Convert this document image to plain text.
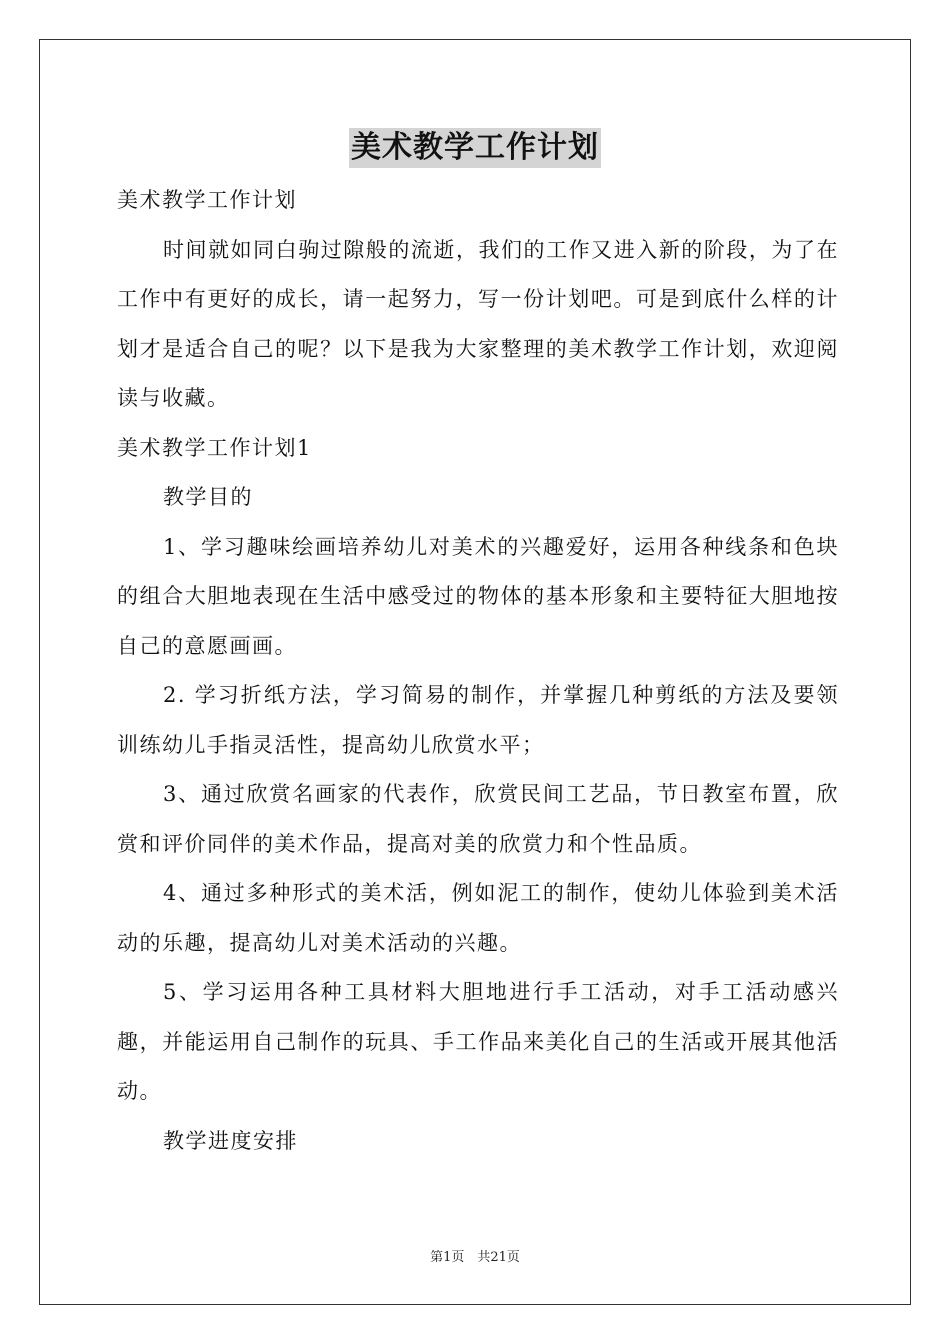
美术教学工作计划

美术教学工作计划

时间就如同白驹过隙般的流逝，我们的工作又进入新的阶段，为了在工作中有更好的成长，请一起努力，写一份计划吧。可是到底什么样的计划才是适合自己的呢？以下是我为大家整理的美术教学工作计划，欢迎阅读与收藏。

美术教学工作计划1

教学目的

1、学习趣味绘画培养幼儿对美术的兴趣爱好，运用各种线条和色块的组合大胆地表现在生活中感受过的物体的基本形象和主要特征大胆地按自己的意愿画画。

2. 学习折纸方法，学习简易的制作，并掌握几种剪纸的方法及要领训练幼儿手指灵活性，提高幼儿欣赏水平；

3、通过欣赏名画家的代表作，欣赏民间工艺品，节日教室布置，欣赏和评价同伴的美术作品，提高对美的欣赏力和个性品质。

4、通过多种形式的美术活，例如泥工的制作，使幼儿体验到美术活动的乐趣，提高幼儿对美术活动的兴趣。

5、学习运用各种工具材料大胆地进行手工活动，对手工活动感兴趣，并能运用自己制作的玩具、手工作品来美化自己的生活或开展其他活动。

教学进度安排

第1页　共21页
